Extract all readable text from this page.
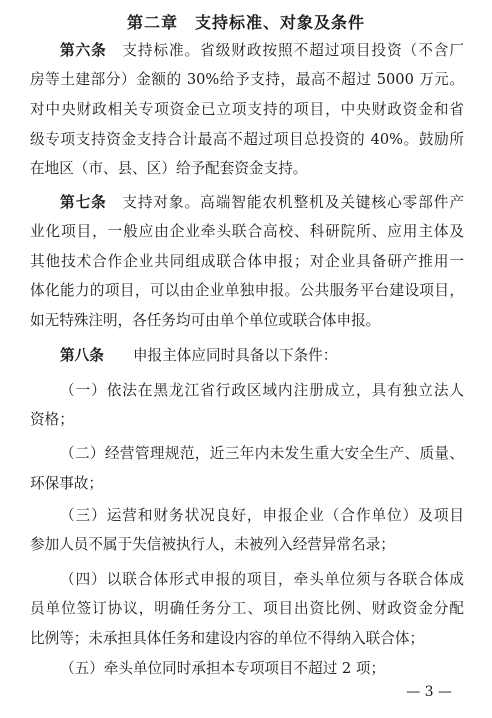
第二章　支持标准、对象及条件
第六条　 支持标准。省级财政按照不超过项目投资（不含厂
房等土建部分）金额的 30%给予支持，最高不超过 5000 万元。
对中央财政相关专项资金已立项支持的项目，中央财政资金和省
级专项支持资金支持合计最高不超过项目总投资的 40%。鼓励所
在地区（市、县、区）给予配套资金支持。
第七条　 支持对象。高端智能农机整机及关键核心零部件产
业化项目，一般应由企业牵头联合高校、科研院所、应用主体及
其他技术合作企业共同组成联合体申报；对企业具备研产推用一
体化能力的项目，可以由企业单独申报。公共服务平台建设项目，
如无特殊注明，各任务均可由单个单位或联合体申报。
第八条　　 申报主体应同时具备以下条件：
（一）依法在黑龙江省行政区域内注册成立，具有独立法人
资格；
（二）经营管理规范，近三年内未发生重大安全生产、质量、
环保事故；
（三）运营和财务状况良好，申报企业（合作单位）及项目
参加人员不属于失信被执行人，未被列入经营异常名录；
（四）以联合体形式申报的项目，牵头单位须与各联合体成
员单位签订协议，明确任务分工、项目出资比例、财政资金分配
比例等；未承担具体任务和建设内容的单位不得纳入联合体；
（五）牵头单位同时承担本专项项目不超过 2 项；
— 3 —
